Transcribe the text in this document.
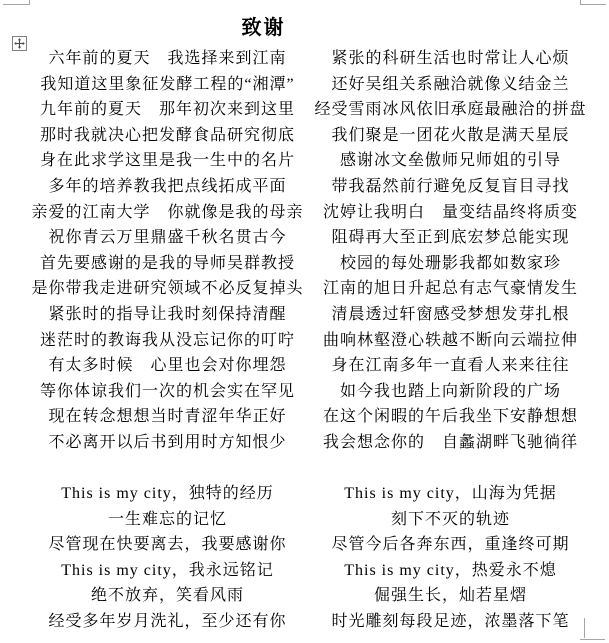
致谢
六年前的夏天　我选择来到江南
我知道这里象征发酵工程的“湘潭”
九年前的夏天　那年初次来到这里
那时我就决心把发酵食品研究彻底
身在此求学这里是我一生中的名片
多年的培养教我把点线拓成平面
亲爱的江南大学　你就像是我的母亲
祝你青云万里鼎盛千秋名贯古今
首先要感谢的是我的导师吴群教授
是你带我走进研究领域不必反复掉头
紧张时的指导让我时刻保持清醒
迷茫时的教诲我从没忘记你的叮咛
有太多时候　心里也会对你埋怨
等你体谅我们一次的机会实在罕见
现在转念想想当时青涩年华正好
不必离开以后书到用时方知恨少
This is my city，独特的经历
一生难忘的记忆
尽管现在快要离去，我要感谢你
This is my city，我永远铭记
绝不放弃，笑看风雨
经受多年岁月洗礼，至少还有你
紧张的科研生活也时常让人心烦
还好吴组关系融洽就像义结金兰
经受雪雨冰风依旧承庭最融洽的拼盘
我们聚是一团花火散是满天星辰
感谢冰文垒傲师兄师姐的引导
带我磊然前行避免反复盲目寻找
沈婷让我明白　量变结晶终将质变
阻碍再大至正到底宏梦总能实现
校园的每处珊影我都如数家珍
江南的旭日升起总有志气豪情发生
清晨透过轩窗感受梦想发芽扎根
曲响林壑澄心轶越不断向云端拉伸
身在江南多年一直看人来来往往
如今我也踏上向新阶段的广场
在这个闲暇的午后我坐下安静想想
我会想念你的　自蠡湖畔飞驰徜徉
This is my city，山海为凭据
刻下不灭的轨迹
尽管今后各奔东西，重逢终可期
This is my city，热爱永不熄
倔强生长，灿若星熠
时光雕刻每段足迹，浓墨落下笔
